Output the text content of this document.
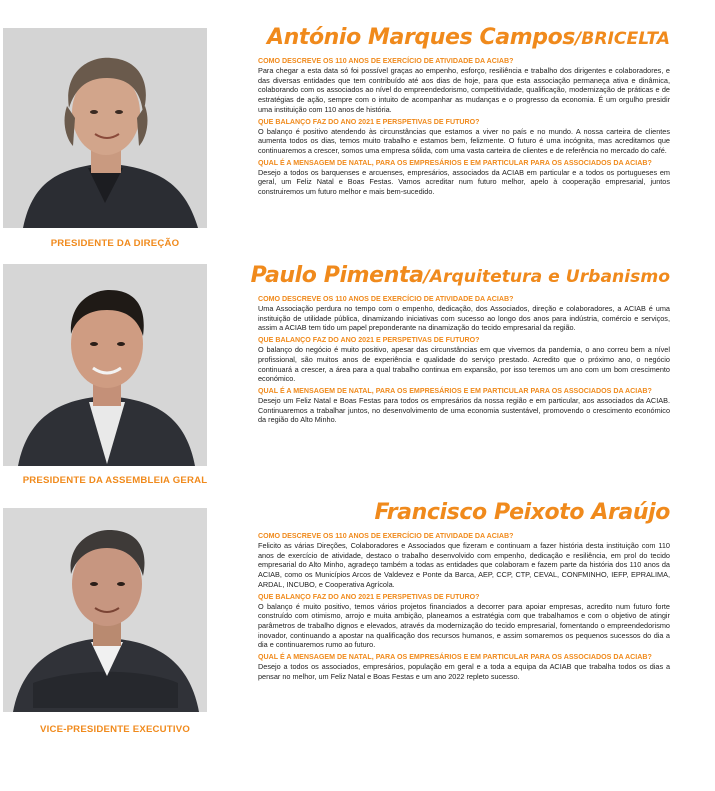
PRESIDENTE DA DIREÇÃO
António Marques Campos/BRICELTA

COMO DESCREVE OS 110 ANOS DE EXERCÍCIO DE ATIVIDADE DA ACIAB?

Para chegar a esta data só foi possível graças ao empenho, esforço, resiliência e trabalho dos dirigentes e colaboradores, e das diversas entidades que tem contribuído até aos dias de hoje, para que esta associação permaneça ativa e dinâmica, colaborando com os associados ao nível do empreendedorismo, competitividade, qualificação, modernização de práticas e de estratégias de ação, sempre com o intuito de acompanhar as mudanças e o progresso da economia. É um orgulho presidir uma instituição com 110 anos de história.

QUE BALANÇO FAZ DO ANO 2021 E PERSPETIVAS DE FUTURO?

O balanço é positivo atendendo às circunstâncias que estamos a viver no país e no mundo. A nossa carteira de clientes aumenta todos os dias, temos muito trabalho e estamos bem, felizmente. O futuro é uma incógnita, mas acreditamos que continuaremos a crescer, somos uma empresa sólida, com uma vasta carteira de clientes e de referência no mercado do café.

QUAL É A MENSAGEM DE NATAL, PARA OS EMPRESÁRIOS E EM PARTICULAR PARA OS ASSOCIADOS DA ACIAB?

Desejo a todos os barquenses e arcuenses, empresários, associados da ACIAB em particular e a todos os portugueses em geral, um Feliz Natal e Boas Festas. Vamos acreditar num futuro melhor, apelo à cooperação empresarial, juntos construiremos um futuro melhor e mais bem-sucedido.

PRESIDENTE DA ASSEMBLEIA GERAL
Paulo Pimenta/Arquitetura e Urbanismo

COMO DESCREVE OS 110 ANOS DE EXERCÍCIO DE ATIVIDADE DA ACIAB?

Uma Associação perdura no tempo com o empenho, dedicação, dos Associados, direção e colaboradores, a ACIAB é uma instituição de utilidade pública, dinamizando iniciativas com sucesso ao longo dos anos para indústria, comércio e serviços, assim a ACIAB tem tido um papel preponderante na dinamização do tecido empresarial da região.

QUE BALANÇO FAZ DO ANO 2021 E PERSPETIVAS DE FUTURO?

O balanço do negócio é muito positivo, apesar das circunstâncias em que vivemos da pandemia, o ano correu bem a nível profissional, são muitos anos de experiência e qualidade do serviço prestado. Acredito que o próximo ano, o negócio continuará a crescer, a área para a qual trabalho continua em expansão, por isso teremos um ano com um bom crescimento económico.

QUAL É A MENSAGEM DE NATAL, PARA OS EMPRESÁRIOS E EM PARTICULAR PARA OS ASSOCIADOS DA ACIAB?

Desejo um Feliz Natal e Boas Festas para todos os empresários da nossa região e em particular, aos associados da ACIAB. Continuaremos a trabalhar juntos, no desenvolvimento de uma economia sustentável, promovendo o crescimento económico da região do Alto Minho.

VICE-PRESIDENTE EXECUTIVO
Francisco Peixoto Araújo

COMO DESCREVE OS 110 ANOS DE EXERCÍCIO DE ATIVIDADE DA ACIAB?

Felicito as várias Direções, Colaboradores e Associados que fizeram e continuam a fazer história desta instituição com 110 anos de exercício de atividade, destaco o trabalho desenvolvido com empenho, dedicação e resiliência, em prol do tecido empresarial do Alto Minho, agradeço também a todas as entidades que colaboram e fazem parte da história dos 110 anos da ACIAB, como os Municípios Arcos de Valdevez e Ponte da Barca, AEP, CCP, CTP, CEVAL, CONFMINHO, IEFP, EPRALIMA, ARDAL, INCUBO, e Cooperativa Agrícola.

QUE BALANÇO FAZ DO ANO 2021 E PERSPETIVAS DE FUTURO?

O balanço é muito positivo, temos vários projetos financiados a decorrer para apoiar empresas, acredito num futuro forte construído com otimismo, arrojo e muita ambição, planeamos a estratégia com que trabalhamos e com o objetivo de atingir parâmetros de trabalho dignos e elevados, através da modernização do tecido empresarial, fomentando o empreendedorismo inovador, continuando a apostar na qualificação dos recursos humanos, e assim somaremos os pequenos sucessos do dia a dia e continuaremos rumo ao futuro.

QUAL É A MENSAGEM DE NATAL, PARA OS EMPRESÁRIOS E EM PARTICULAR PARA OS ASSOCIADOS DA ACIAB?

Desejo a todos os associados, empresários, população em geral e a toda a equipa da ACIAB que trabalha todos os dias a pensar no melhor, um Feliz Natal e Boas Festas e um ano 2022 repleto sucesso.
